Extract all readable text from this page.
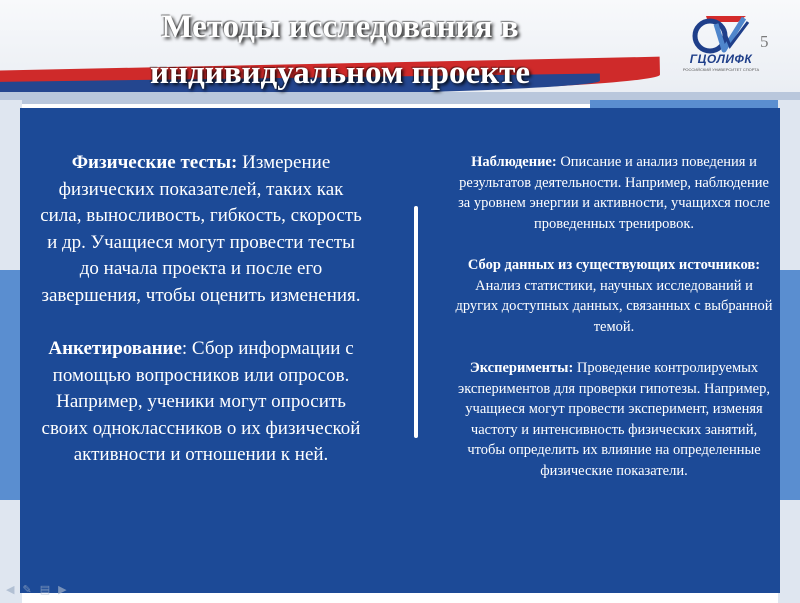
Методы исследования в
индивидуальном проекте	ГЦОЛИФК
РОССИЙСКИЙ УНИВЕРСИТЕТ СПОРТА
5

Физические тесты: Измерение физических показателей, таких как сила, выносливость, гибкость, скорость и др. Учащиеся могут провести тесты до начала проекта и после его завершения, чтобы оценить изменения.

Анкетирование: Сбор информации с помощью вопросников или опросов. Например, ученики могут опросить своих одноклассников о их физической активности и отношении к ней.

Наблюдение: Описание и анализ поведения и результатов деятельности. Например, наблюдение за уровнем энергии и активности, учащихся после проведенных тренировок.

Сбор данных из существующих источников: Анализ статистики, научных исследований и других доступных данных, связанных с выбранной темой.

Эксперименты: Проведение контролируемых экспериментов для проверки гипотезы. Например, учащиеся могут провести эксперимент, изменяя частоту и интенсивность физических занятий, чтобы определить их влияние на определенные физические показатели.

◀ ✎ ▤ ▶
